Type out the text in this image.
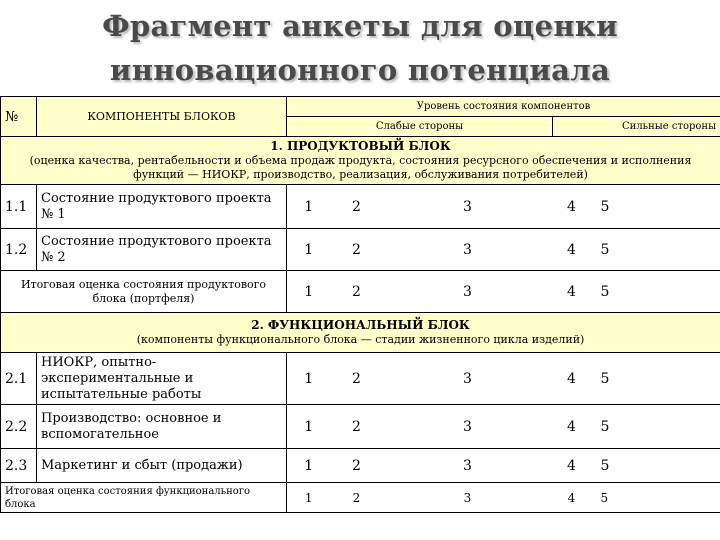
Фрагмент анкеты для оценки
инновационного потенциала
№	КОМПОНЕНТЫ БЛОКОВ	Уровень состояния компонентов				
		Слабые стороны			Сильные стороны	

1. ПРОДУКТОВЫЙ БЛОК
(оценка качества, рентабельности и объема продаж продукта, состояния ресурсного обеспечения и исполнения функций — НИОКР, производство, реализация, обслуживания потребителей)						

1.1	Состояние продуктового проекта № 1	1	2	3	4	5
1.2	Состояние продуктового проекта № 2	1	2	3	4	5
Итоговая оценка состояния продуктового блока (портфеля)		1	2	3	4	5

2. ФУНКЦИОНАЛЬНЫЙ БЛОК
(компоненты функционального блока — стадии жизненного цикла изделий)						

2.1	НИОКР, опытно-экспериментальные и испытательные работы	1	2	3	4	5
2.2	Производство: основное и вспомогательное	1	2	3	4	5
2.3	Маркетинг и сбыт (продажи)	1	2	3	4	5
Итоговая оценка состояния функционального блока		1	2	3	4	5
